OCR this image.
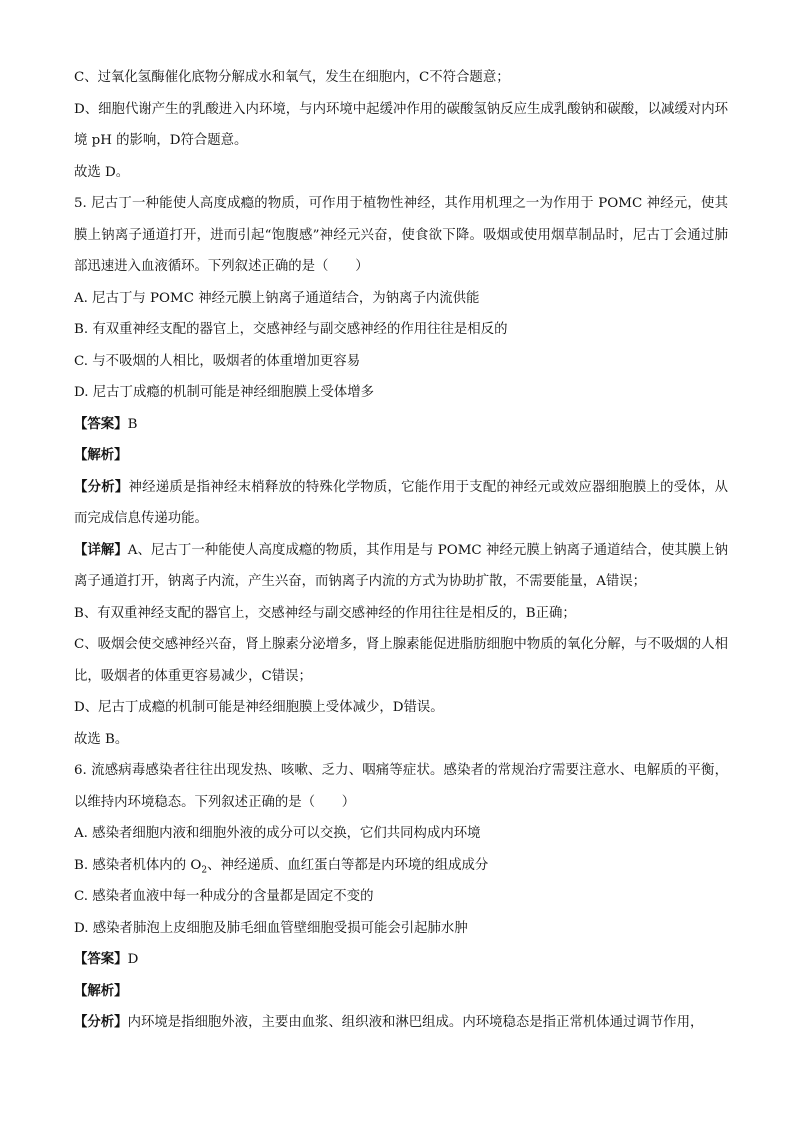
C、过氧化氢酶催化底物分解成水和氧气，发生在细胞内，C不符合题意；
D、细胞代谢产生的乳酸进入内环境，与内环境中起缓冲作用的碳酸氢钠反应生成乳酸钠和碳酸，以减缓对内环境 pH 的影响，D符合题意。
故选 D。
5. 尼古丁一种能使人高度成瘾的物质，可作用于植物性神经，其作用机理之一为作用于 POMC 神经元，使其膜上钠离子通道打开，进而引起“饱腹感”神经元兴奋，使食欲下降。吸烟或使用烟草制品时，尼古丁会通过肺部迅速进入血液循环。下列叙述正确的是（　　）
A. 尼古丁与 POMC 神经元膜上钠离子通道结合，为钠离子内流供能
B. 有双重神经支配的器官上，交感神经与副交感神经的作用往往是相反的
C. 与不吸烟的人相比，吸烟者的体重增加更容易
D. 尼古丁成瘾的机制可能是神经细胞膜上受体增多
【答案】B
【解析】
【分析】神经递质是指神经末梢释放的特殊化学物质，它能作用于支配的神经元或效应器细胞膜上的受体，从而完成信息传递功能。
【详解】A、尼古丁一种能使人高度成瘾的物质，其作用是与 POMC 神经元膜上钠离子通道结合，使其膜上钠离子通道打开，钠离子内流，产生兴奋，而钠离子内流的方式为协助扩散，不需要能量，A错误；
B、有双重神经支配的器官上，交感神经与副交感神经的作用往往是相反的，B正确；
C、吸烟会使交感神经兴奋，肾上腺素分泌增多，肾上腺素能促进脂肪细胞中物质的氧化分解，与不吸烟的人相比，吸烟者的体重更容易减少，C错误；
D、尼古丁成瘾的机制可能是神经细胞膜上受体减少，D错误。
故选 B。
6. 流感病毒感染者往往出现发热、咳嗽、乏力、咽痛等症状。感染者的常规治疗需要注意水、电解质的平衡，以维持内环境稳态。下列叙述正确的是（　　）
A. 感染者细胞内液和细胞外液的成分可以交换，它们共同构成内环境
B. 感染者机体内的 $O_2$、神经递质、血红蛋白等都是内环境的组成成分
C. 感染者血液中每一种成分的含量都是固定不变的
D. 感染者肺泡上皮细胞及肺毛细血管壁细胞受损可能会引起肺水肿
【答案】D
【解析】
【分析】内环境是指细胞外液，主要由血浆、组织液和淋巴组成。内环境稳态是指正常机体通过调节作用，
